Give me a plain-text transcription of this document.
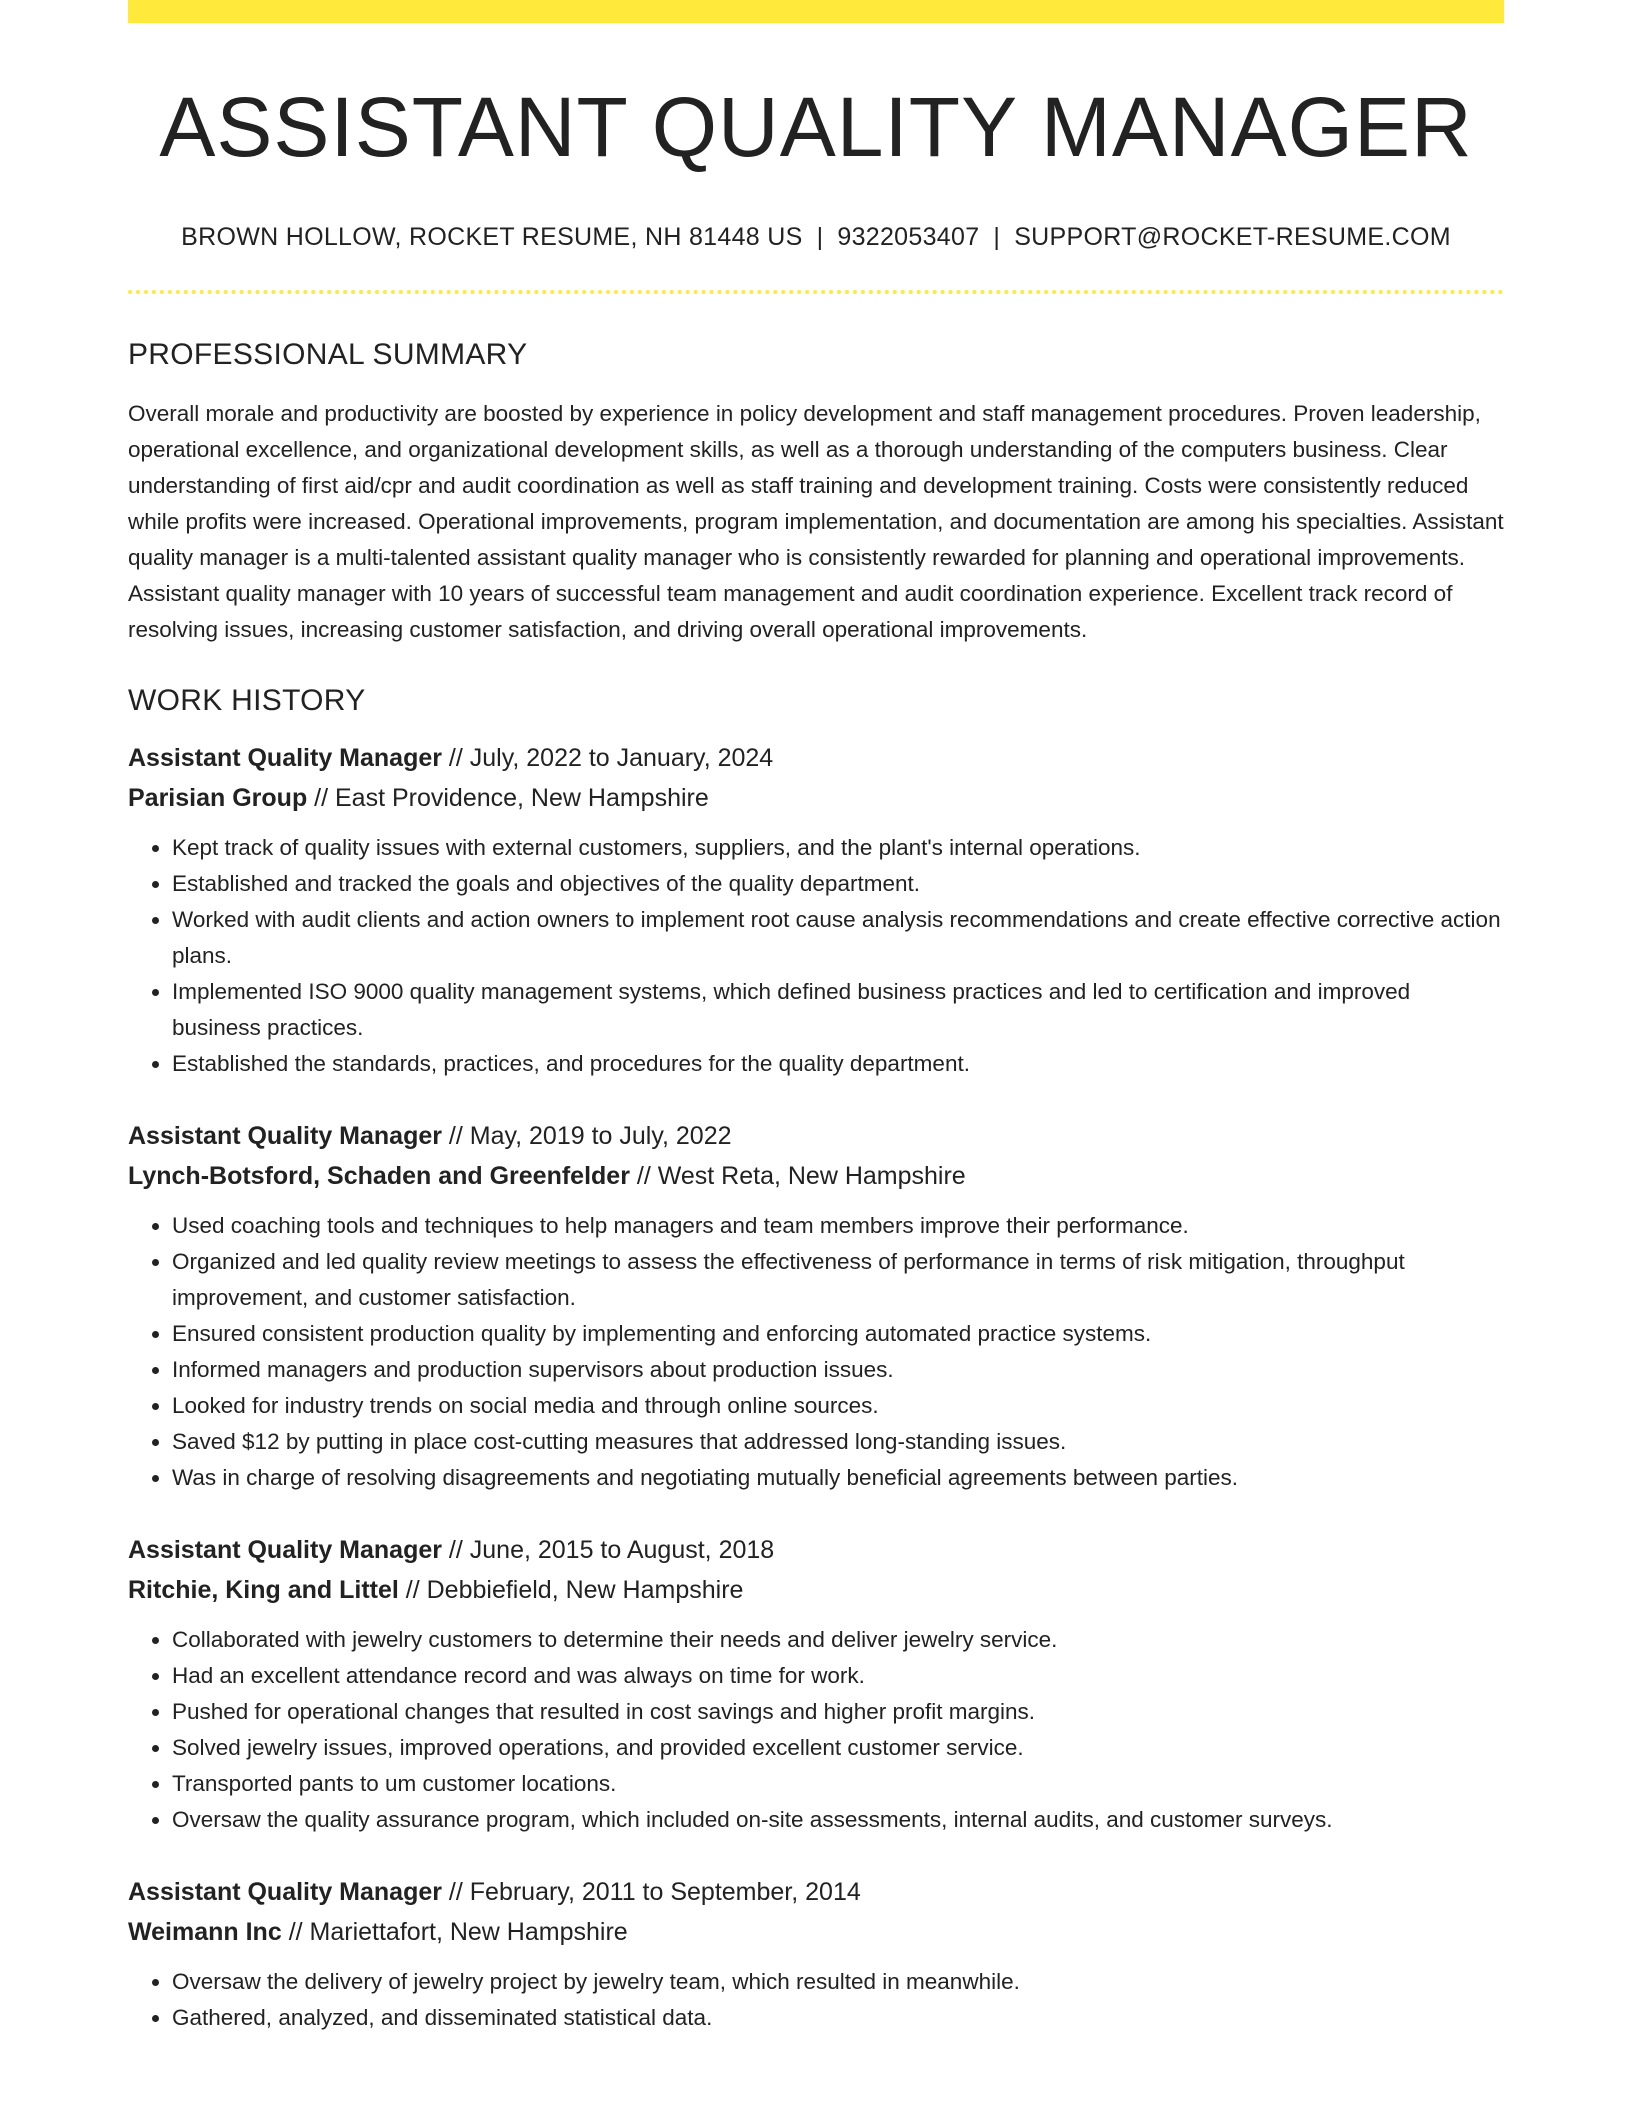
ASSISTANT QUALITY MANAGER
BROWN HOLLOW, ROCKET RESUME, NH 81448 US | 9322053407 | SUPPORT@ROCKET-RESUME.COM
PROFESSIONAL SUMMARY
Overall morale and productivity are boosted by experience in policy development and staff management procedures. Proven leadership, operational excellence, and organizational development skills, as well as a thorough understanding of the computers business. Clear understanding of first aid/cpr and audit coordination as well as staff training and development training. Costs were consistently reduced while profits were increased. Operational improvements, program implementation, and documentation are among his specialties. Assistant quality manager is a multi-talented assistant quality manager who is consistently rewarded for planning and operational improvements. Assistant quality manager with 10 years of successful team management and audit coordination experience. Excellent track record of resolving issues, increasing customer satisfaction, and driving overall operational improvements.
WORK HISTORY
Assistant Quality Manager // July, 2022 to January, 2024
Parisian Group // East Providence, New Hampshire
• Kept track of quality issues with external customers, suppliers, and the plant's internal operations.
• Established and tracked the goals and objectives of the quality department.
• Worked with audit clients and action owners to implement root cause analysis recommendations and create effective corrective action plans.
• Implemented ISO 9000 quality management systems, which defined business practices and led to certification and improved business practices.
• Established the standards, practices, and procedures for the quality department.
Assistant Quality Manager // May, 2019 to July, 2022
Lynch-Botsford, Schaden and Greenfelder // West Reta, New Hampshire
• Used coaching tools and techniques to help managers and team members improve their performance.
• Organized and led quality review meetings to assess the effectiveness of performance in terms of risk mitigation, throughput improvement, and customer satisfaction.
• Ensured consistent production quality by implementing and enforcing automated practice systems.
• Informed managers and production supervisors about production issues.
• Looked for industry trends on social media and through online sources.
• Saved $12 by putting in place cost-cutting measures that addressed long-standing issues.
• Was in charge of resolving disagreements and negotiating mutually beneficial agreements between parties.
Assistant Quality Manager // June, 2015 to August, 2018
Ritchie, King and Littel // Debbiefield, New Hampshire
• Collaborated with jewelry customers to determine their needs and deliver jewelry service.
• Had an excellent attendance record and was always on time for work.
• Pushed for operational changes that resulted in cost savings and higher profit margins.
• Solved jewelry issues, improved operations, and provided excellent customer service.
• Transported pants to um customer locations.
• Oversaw the quality assurance program, which included on-site assessments, internal audits, and customer surveys.
Assistant Quality Manager // February, 2011 to September, 2014
Weimann Inc // Mariettafort, New Hampshire
• Oversaw the delivery of jewelry project by jewelry team, which resulted in meanwhile.
• Gathered, analyzed, and disseminated statistical data.
